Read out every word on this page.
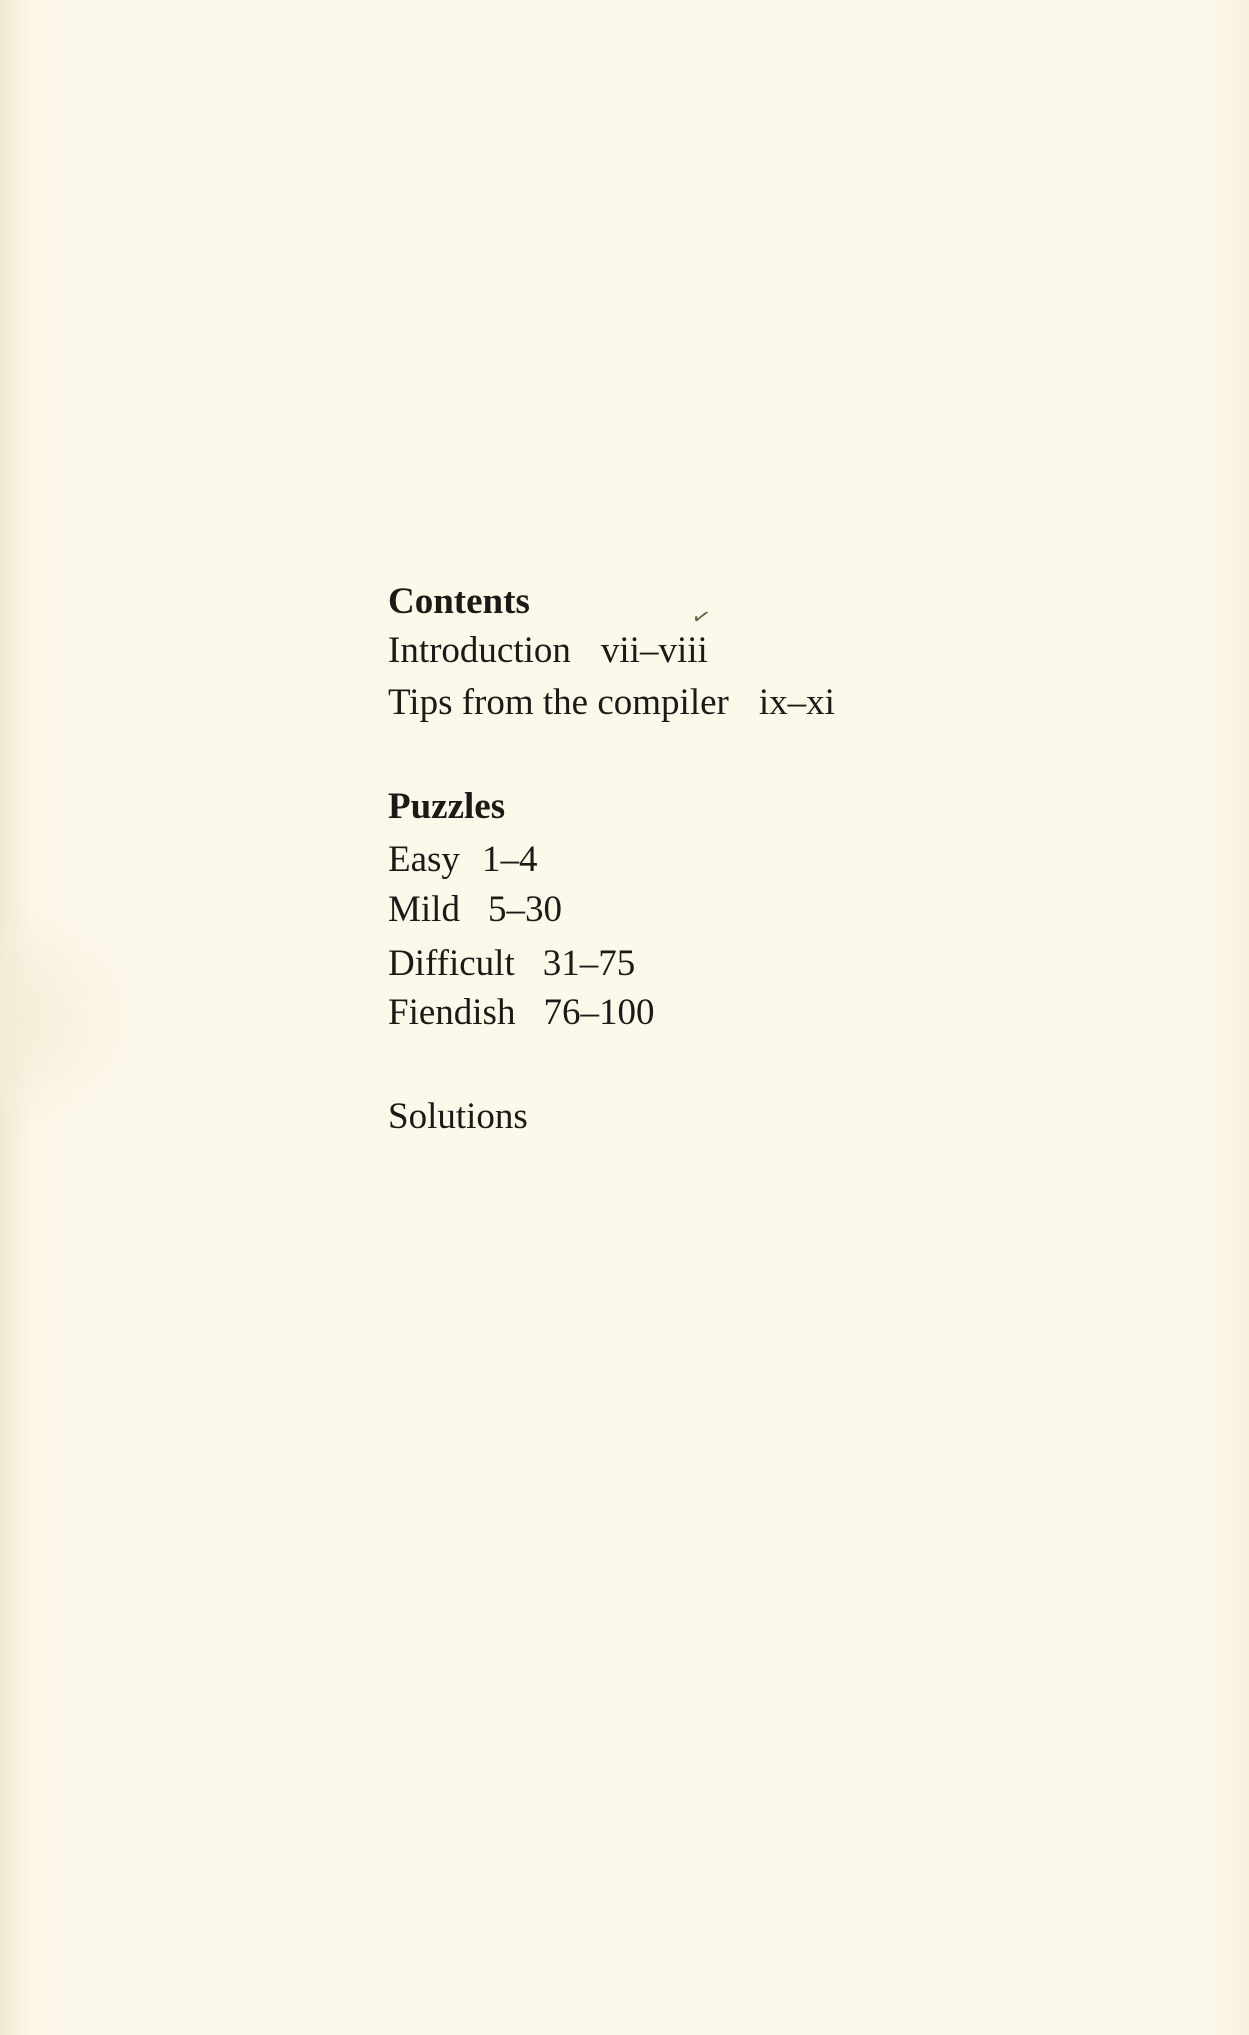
✓
Contents
Introduction vii–viii
Tips from the compiler ix–xi
Puzzles
Easy 1–4
Mild 5–30
Difficult 31–75
Fiendish 76–100
Solutions
